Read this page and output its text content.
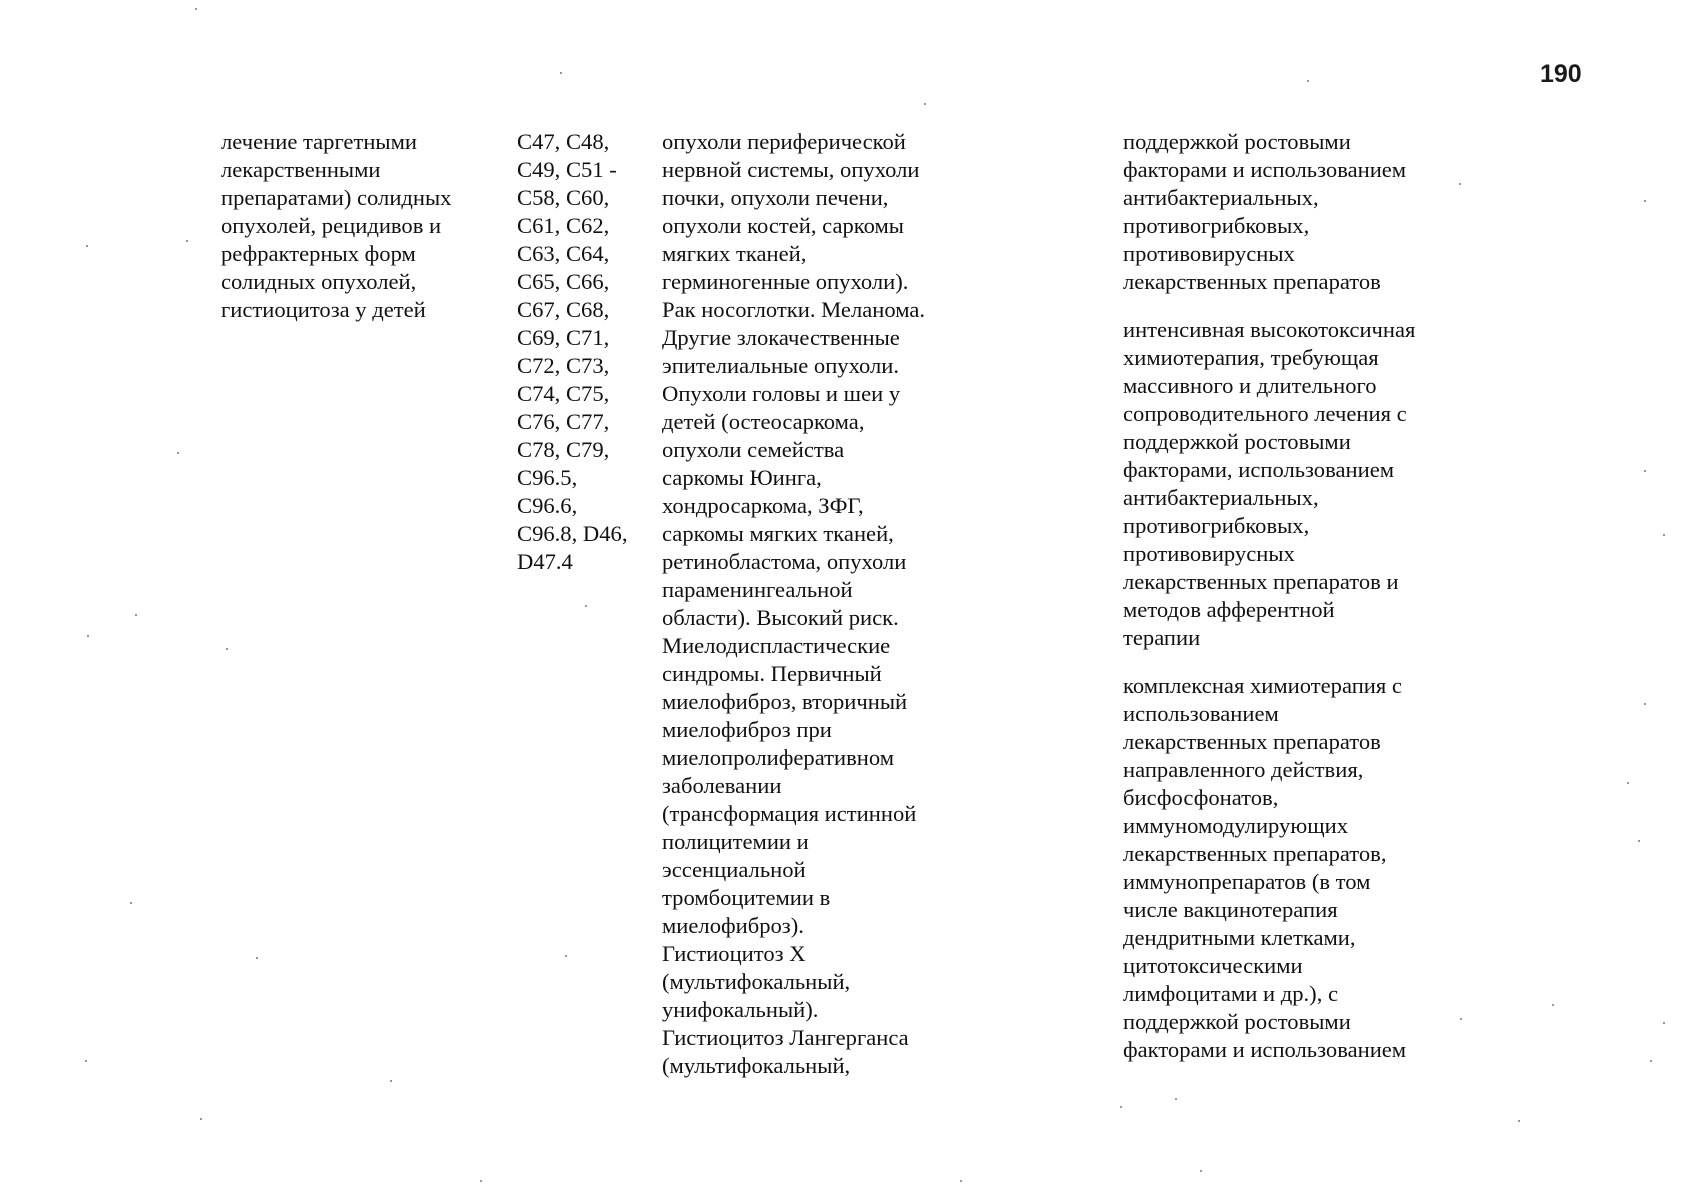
190
лечение таргетными
лекарственными
препаратами) солидных
опухолей, рецидивов и
рефрактерных форм
солидных опухолей,
гистиоцитоза у детей
C47, C48,
C49, C51 -
C58, C60,
C61, C62,
C63, C64,
C65, C66,
C67, C68,
C69, C71,
C72, C73,
C74, C75,
C76, C77,
C78, C79,
C96.5,
C96.6,
C96.8, D46,
D47.4
опухоли периферической
нервной системы, опухоли
почки, опухоли печени,
опухоли костей, саркомы
мягких тканей,
герминогенные опухоли).
Рак носоглотки. Меланома.
Другие злокачественные
эпителиальные опухоли.
Опухоли головы и шеи у
детей (остеосаркома,
опухоли семейства
саркомы Юинга,
хондросаркома, ЗФГ,
саркомы мягких тканей,
ретинобластома, опухоли
параменингеальной
области). Высокий риск.
Миелодиспластические
синдромы. Первичный
миелофиброз, вторичный
миелофиброз при
миелопролиферативном
заболевании
(трансформация истинной
полицитемии и
эссенциальной
тромбоцитемии в
миелофиброз).
Гистиоцитоз X
(мультифокальный,
унифокальный).
Гистиоцитоз Лангерганса
(мультифокальный,
поддержкой ростовыми
факторами и использованием
антибактериальных,
противогрибковых,
противовирусных
лекарственных препаратов
интенсивная высокотоксичная
химиотерапия, требующая
массивного и длительного
сопроводительного лечения с
поддержкой ростовыми
факторами, использованием
антибактериальных,
противогрибковых,
противовирусных
лекарственных препаратов и
методов афферентной
терапии
комплексная химиотерапия с
использованием
лекарственных препаратов
направленного действия,
бисфосфонатов,
иммуномодулирующих
лекарственных препаратов,
иммунопрепаратов (в том
числе вакцинотерапия
дендритными клетками,
цитотоксическими
лимфоцитами и др.), с
поддержкой ростовыми
факторами и использованием
